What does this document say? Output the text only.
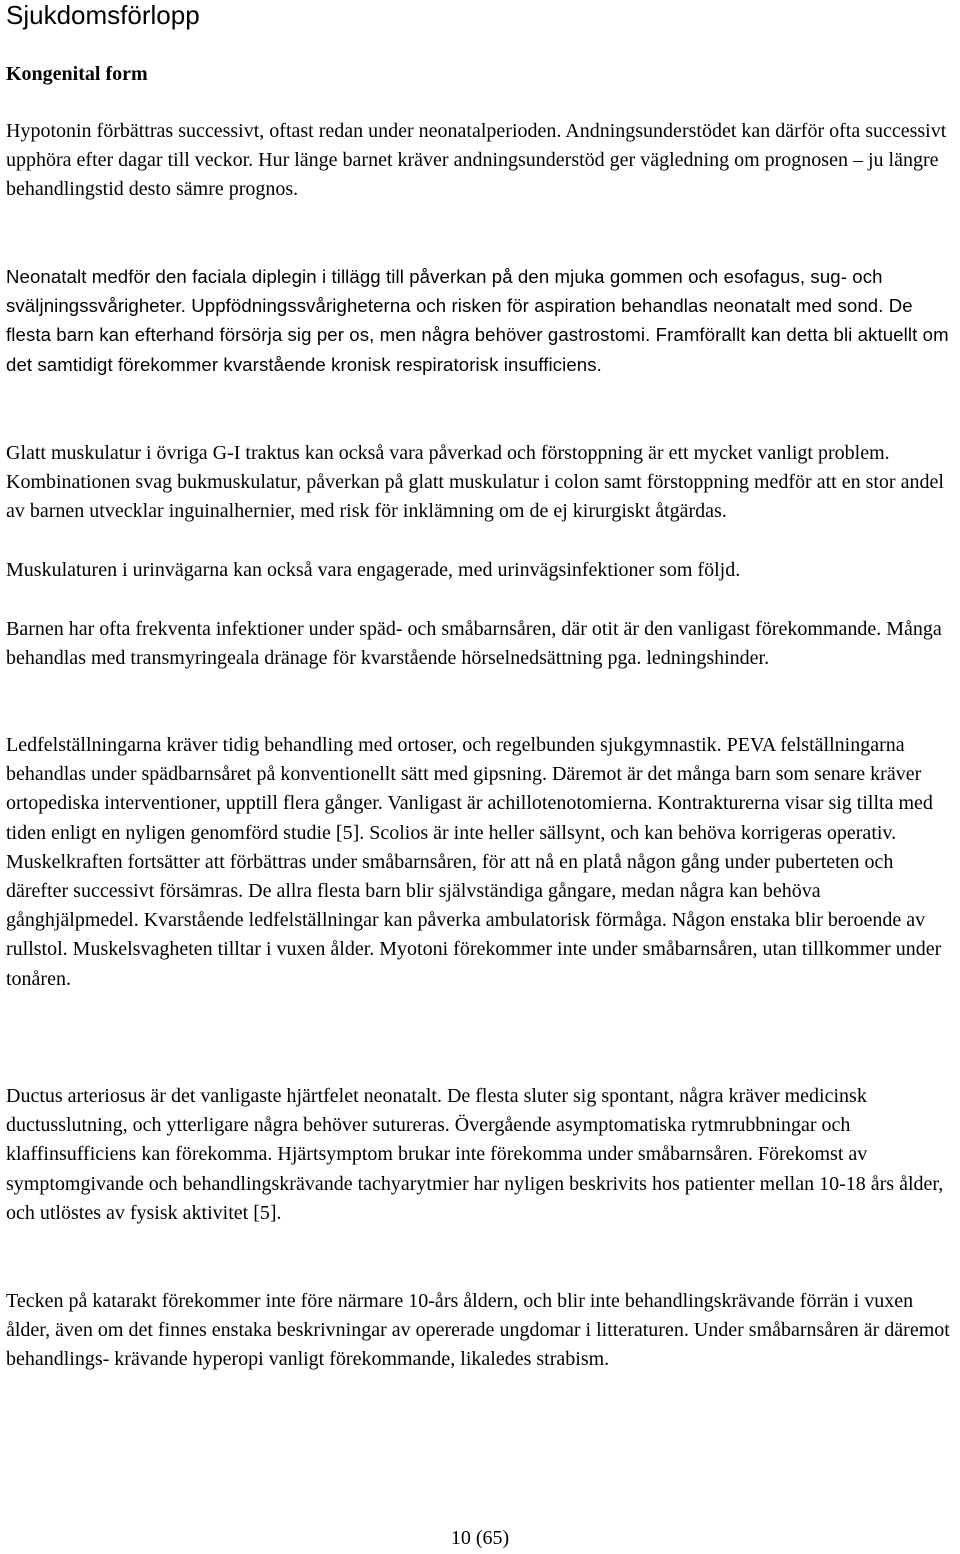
Sjukdomsförlopp
Kongenital form

Hypotonin förbättras successivt, oftast redan under neonatalperioden. Andningsunderstödet kan därför ofta successivt upphöra efter dagar till veckor. Hur länge barnet kräver andningsunderstöd ger vägledning om prognosen – ju längre behandlingstid desto sämre prognos.

Neonatalt medför den faciala diplegin i tillägg till påverkan på den mjuka gommen och esofagus, sug- och sväljningssvårigheter. Uppfödningssvårigheterna och risken för aspiration behandlas neonatalt med sond. De flesta barn kan efterhand försörja sig per os, men några behöver gastrostomi. Framförallt kan detta bli aktuellt om det samtidigt förekommer kvarstående kronisk respiratorisk insufficiens.

Glatt muskulatur i övriga G-I traktus kan också vara påverkad och förstoppning är ett mycket vanligt problem. Kombinationen svag bukmuskulatur, påverkan på glatt muskulatur i colon samt förstoppning medför att en stor andel av barnen utvecklar inguinalhernier, med risk för inklämning om de ej kirurgiskt åtgärdas.

Muskulaturen i urinvägarna kan också vara engagerade, med urinvägsinfektioner som följd.

Barnen har ofta frekventa infektioner under späd- och småbarnsåren, där otit är den vanligast förekommande. Många behandlas med transmyringeala dränage för kvarstående hörselnedsättning pga. ledningshinder.

Ledfelställningarna kräver tidig behandling med ortoser, och regelbunden sjukgymnastik. PEVA felställningarna behandlas under spädbarnsåret på konventionellt sätt med gipsning. Däremot är det många barn som senare kräver ortopediska interventioner, upptill flera gånger. Vanligast är achillotenotomierna. Kontrakturerna visar sig tillta med tiden enligt en nyligen genomförd studie [5]. Scolios är inte heller sällsynt, och kan behöva korrigeras operativ. Muskelkraften fortsätter att förbättras under småbarnsåren, för att nå en platå någon gång under puberteten och därefter successivt försämras. De allra flesta barn blir självständiga gångare, medan några kan behöva gånghjälpmedel. Kvarstående ledfelställningar kan påverka ambulatorisk förmåga. Någon enstaka blir beroende av rullstol. Muskelsvagheten tilltar i vuxen ålder. Myotoni förekommer inte under småbarnsåren, utan tillkommer under tonåren.

Ductus arteriosus är det vanligaste hjärtfelet neonatalt. De flesta sluter sig spontant, några kräver medicinsk ductusslutning, och ytterligare några behöver sutureras. Övergående asymptomatiska rytmrubbningar och klaffinsufficiens kan förekomma. Hjärtsymptom brukar inte förekomma under småbarnsåren. Förekomst av symptomgivande och behandlingskrävande tachyarytmier har nyligen beskrivits hos patienter mellan 10-18 års ålder, och utlöstes av fysisk aktivitet [5].

Tecken på katarakt förekommer inte före närmare 10-års åldern, och blir inte behandlingskrävande förrän i vuxen ålder, även om det finnes enstaka beskrivningar av opererade ungdomar i litteraturen. Under småbarnsåren är däremot behandlings- krävande hyperopi vanligt förekommande, likaledes strabism.

10 (65)
